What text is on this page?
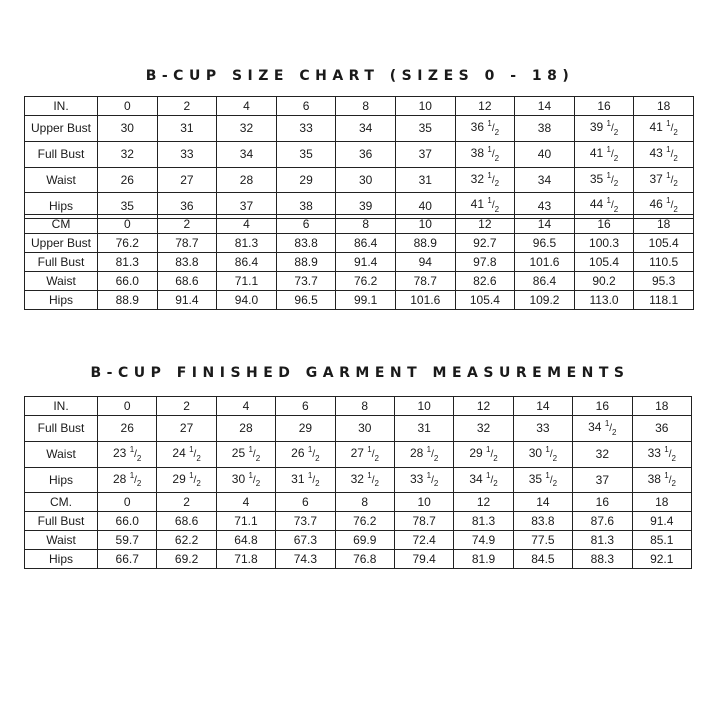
B-CUP SIZE CHART (SIZES 0 - 18)
IN.	0	2	4	6	8	10	12	14	16	18
Upper Bust	30	31	32	33	34	35	36 $^1/_2$	38	39 $^1/_2$	41 $^1/_2$
Full Bust	32	33	34	35	36	37	38 $^1/_2$	40	41 $^1/_2$	43 $^1/_2$
Waist	26	27	28	29	30	31	32 $^1/_2$	34	35 $^1/_2$	37 $^1/_2$
Hips	35	36	37	38	39	40	41 $^1/_2$	43	44 $^1/_2$	46 $^1/_2$
CM	0	2	4	6	8	10	12	14	16	18
Upper Bust	76.2	78.7	81.3	83.8	86.4	88.9	92.7	96.5	100.3	105.4
Full Bust	81.3	83.8	86.4	88.9	91.4	94	97.8	101.6	105.4	110.5
Waist	66.0	68.6	71.1	73.7	76.2	78.7	82.6	86.4	90.2	95.3
Hips	88.9	91.4	94.0	96.5	99.1	101.6	105.4	109.2	113.0	118.1
B-CUP FINISHED GARMENT MEASUREMENTS
IN.	0	2	4	6	8	10	12	14	16	18
Full Bust	26	27	28	29	30	31	32	33	34 $^1/_2$	36
Waist	23 $^1/_2$	24 $^1/_2$	25 $^1/_2$	26 $^1/_2$	27 $^1/_2$	28 $^1/_2$	29 $^1/_2$	30 $^1/_2$	32	33 $^1/_2$
Hips	28 $^1/_2$	29 $^1/_2$	30 $^1/_2$	31 $^1/_2$	32 $^1/_2$	33 $^1/_2$	34 $^1/_2$	35 $^1/_2$	37	38 $^1/_2$
CM.	0	2	4	6	8	10	12	14	16	18
Full Bust	66.0	68.6	71.1	73.7	76.2	78.7	81.3	83.8	87.6	91.4
Waist	59.7	62.2	64.8	67.3	69.9	72.4	74.9	77.5	81.3	85.1
Hips	66.7	69.2	71.8	74.3	76.8	79.4	81.9	84.5	88.3	92.1
